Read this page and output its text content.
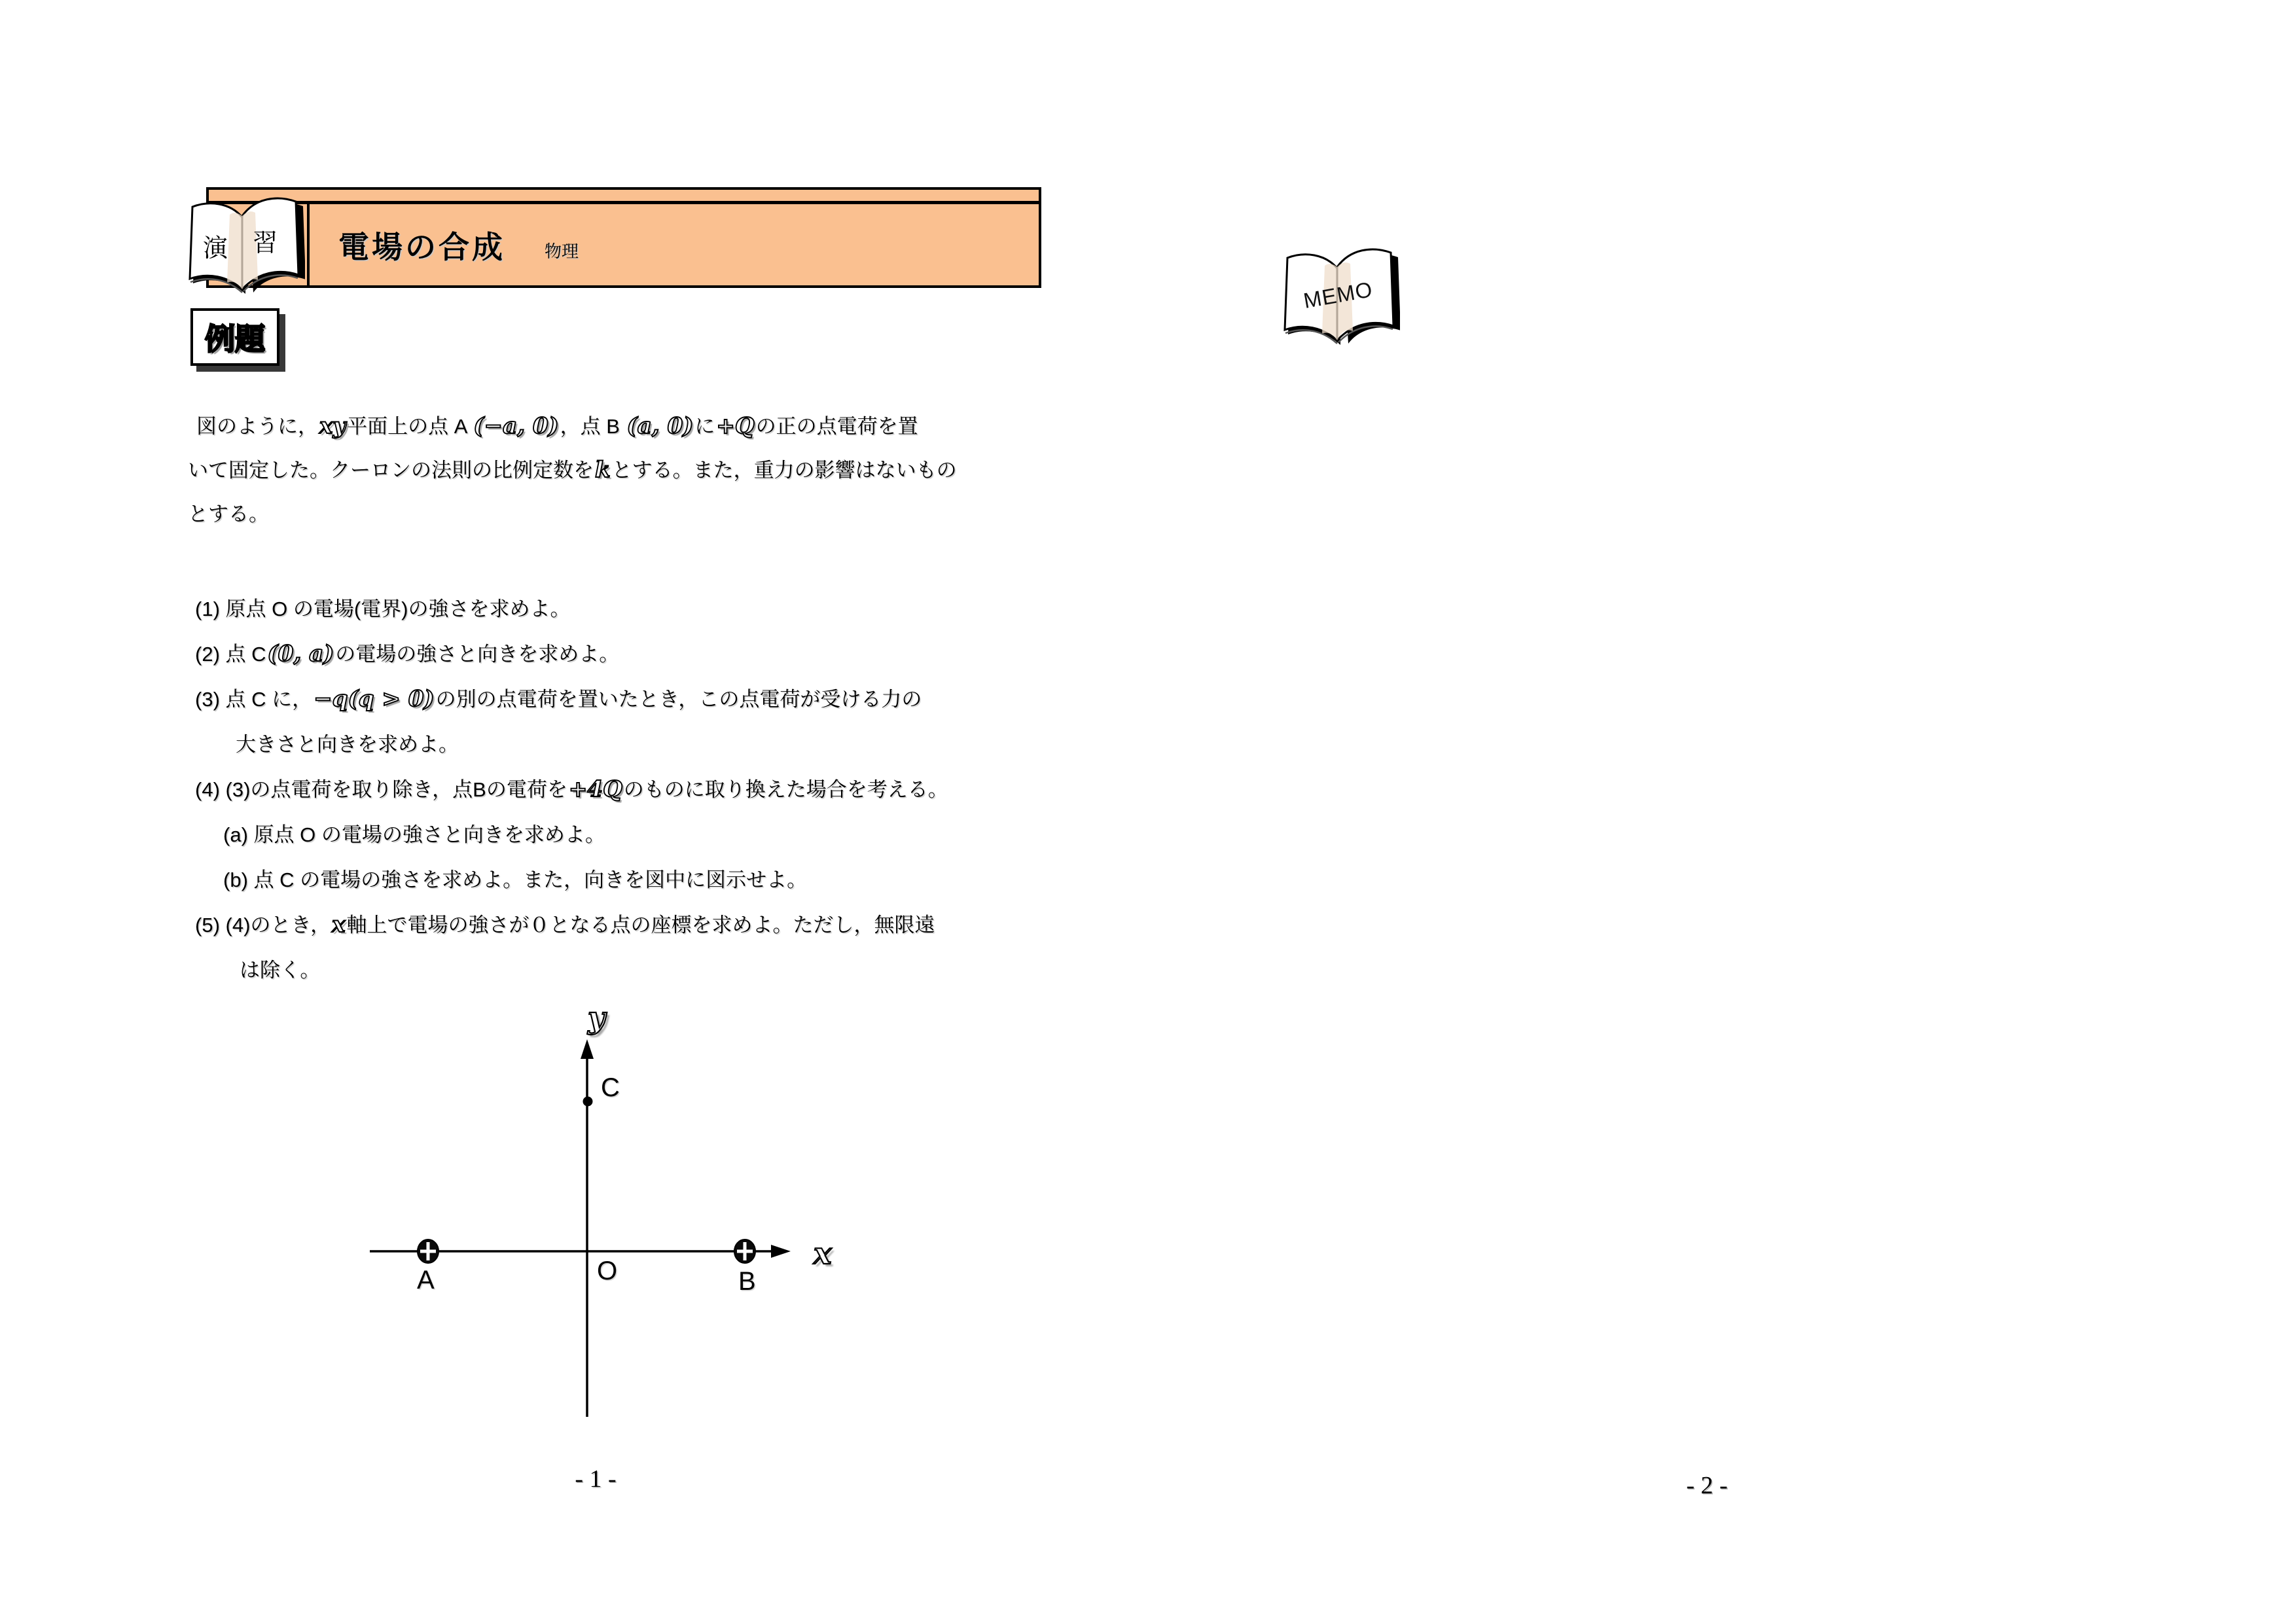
電場の合成 物理
演 習
例題
図のように，xy平面上の点 A (−a, 0)，点 B (a, 0)に+Qの正の点電荷を置
いて固定した。クーロンの法則の比例定数をkとする。また，重力の影響はないもの
とする。
(1) 原点 O の電場(電界)の強さを求めよ。
(2) 点 C(0, a)の電場の強さと向きを求めよ。
(3) 点 C に，−q(q > 0)の別の点電荷を置いたとき，この点電荷が受ける力の
大きさと向きを求めよ。
(4) (3)の点電荷を取り除き，点Bの電荷を+4Qのものに取り換えた場合を考える。
(a) 原点 O の電場の強さと向きを求めよ。
(b) 点 C の電場の強さを求めよ。また，向きを図中に図示せよ。
(5) (4)のとき，x軸上で電場の強さが０となる点の座標を求めよ。ただし，無限遠
は除く。
y
x
C
O
A	B
- 1 -
MEMO
- 2 -
